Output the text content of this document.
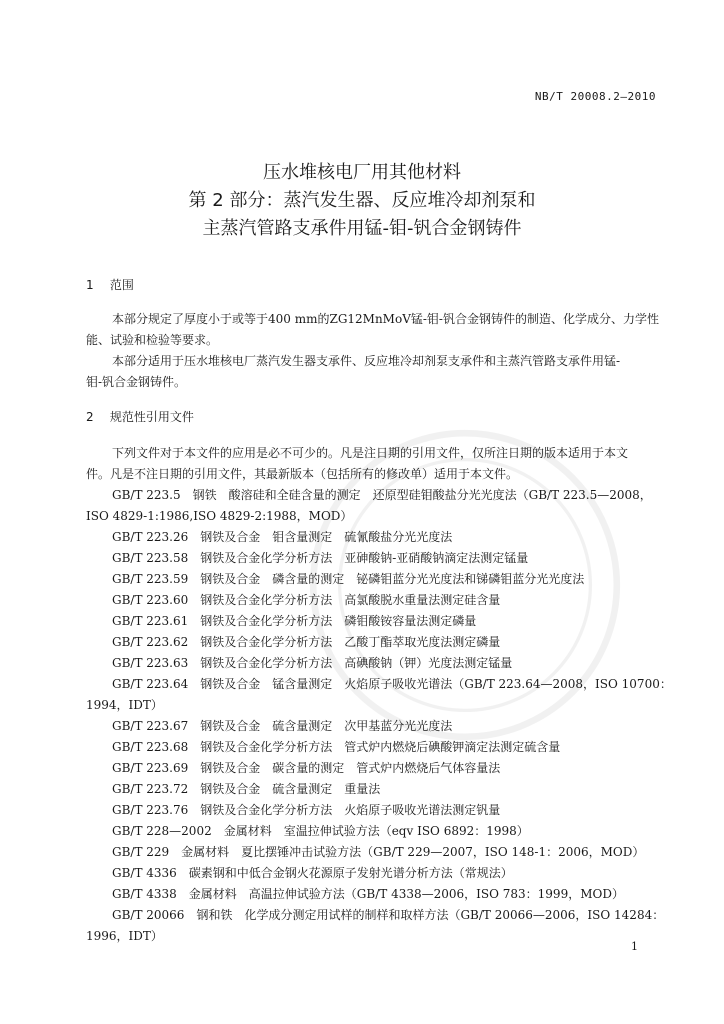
NB/T 20008.2—2010
压水堆核电厂用其他材料
第 2 部分：蒸汽发生器、反应堆冷却剂泵和
主蒸汽管路支承件用锰-钼-钒合金钢铸件
1 范围
本部分规定了厚度小于或等于400 mm的ZG12MnMoV锰-钼-钒合金钢铸件的制造、化学成分、力学性
能、试验和检验等要求。
本部分适用于压水堆核电厂蒸汽发生器支承件、反应堆冷却剂泵支承件和主蒸汽管路支承件用锰-
钼-钒合金钢铸件。
2 规范性引用文件
下列文件对于本文件的应用是必不可少的。凡是注日期的引用文件，仅所注日期的版本适用于本文
件。凡是不注日期的引用文件，其最新版本（包括所有的修改单）适用于本文件。
GB/T 223.5　钢铁　酸溶硅和全硅含量的测定　还原型硅钼酸盐分光光度法（GB/T 223.5—2008，
ISO 4829-1:1986,ISO 4829-2:1988，MOD）
GB/T 223.26　钢铁及合金　钼含量测定　硫氰酸盐分光光度法
GB/T 223.58　钢铁及合金化学分析方法　亚砷酸钠-亚硝酸钠滴定法测定锰量
GB/T 223.59　钢铁及合金　磷含量的测定　铋磷钼蓝分光光度法和锑磷钼蓝分光光度法
GB/T 223.60　钢铁及合金化学分析方法　高氯酸脱水重量法测定硅含量
GB/T 223.61　钢铁及合金化学分析方法　磷钼酸铵容量法测定磷量
GB/T 223.62　钢铁及合金化学分析方法　乙酸丁酯萃取光度法测定磷量
GB/T 223.63　钢铁及合金化学分析方法　高碘酸钠（钾）光度法测定锰量
GB/T 223.64　钢铁及合金　锰含量测定　火焰原子吸收光谱法（GB/T 223.64—2008，ISO 10700：
1994，IDT）
GB/T 223.67　钢铁及合金　硫含量测定　次甲基蓝分光光度法
GB/T 223.68　钢铁及合金化学分析方法　管式炉内燃烧后碘酸钾滴定法测定硫含量
GB/T 223.69　钢铁及合金　碳含量的测定　管式炉内燃烧后气体容量法
GB/T 223.72　钢铁及合金　硫含量测定　重量法
GB/T 223.76　钢铁及合金化学分析方法　火焰原子吸收光谱法测定钒量
GB/T 228—2002　金属材料　室温拉伸试验方法（eqv ISO 6892：1998）
GB/T 229　金属材料　夏比摆锤冲击试验方法（GB/T 229—2007，ISO 148-1：2006，MOD）
GB/T 4336　碳素钢和中低合金钢火花源原子发射光谱分析方法（常规法）
GB/T 4338　金属材料　高温拉伸试验方法（GB/T 4338—2006，ISO 783：1999，MOD）
GB/T 20066　钢和铁　化学成分测定用试样的制样和取样方法（GB/T 20066—2006，ISO 14284：
1996，IDT）
1
